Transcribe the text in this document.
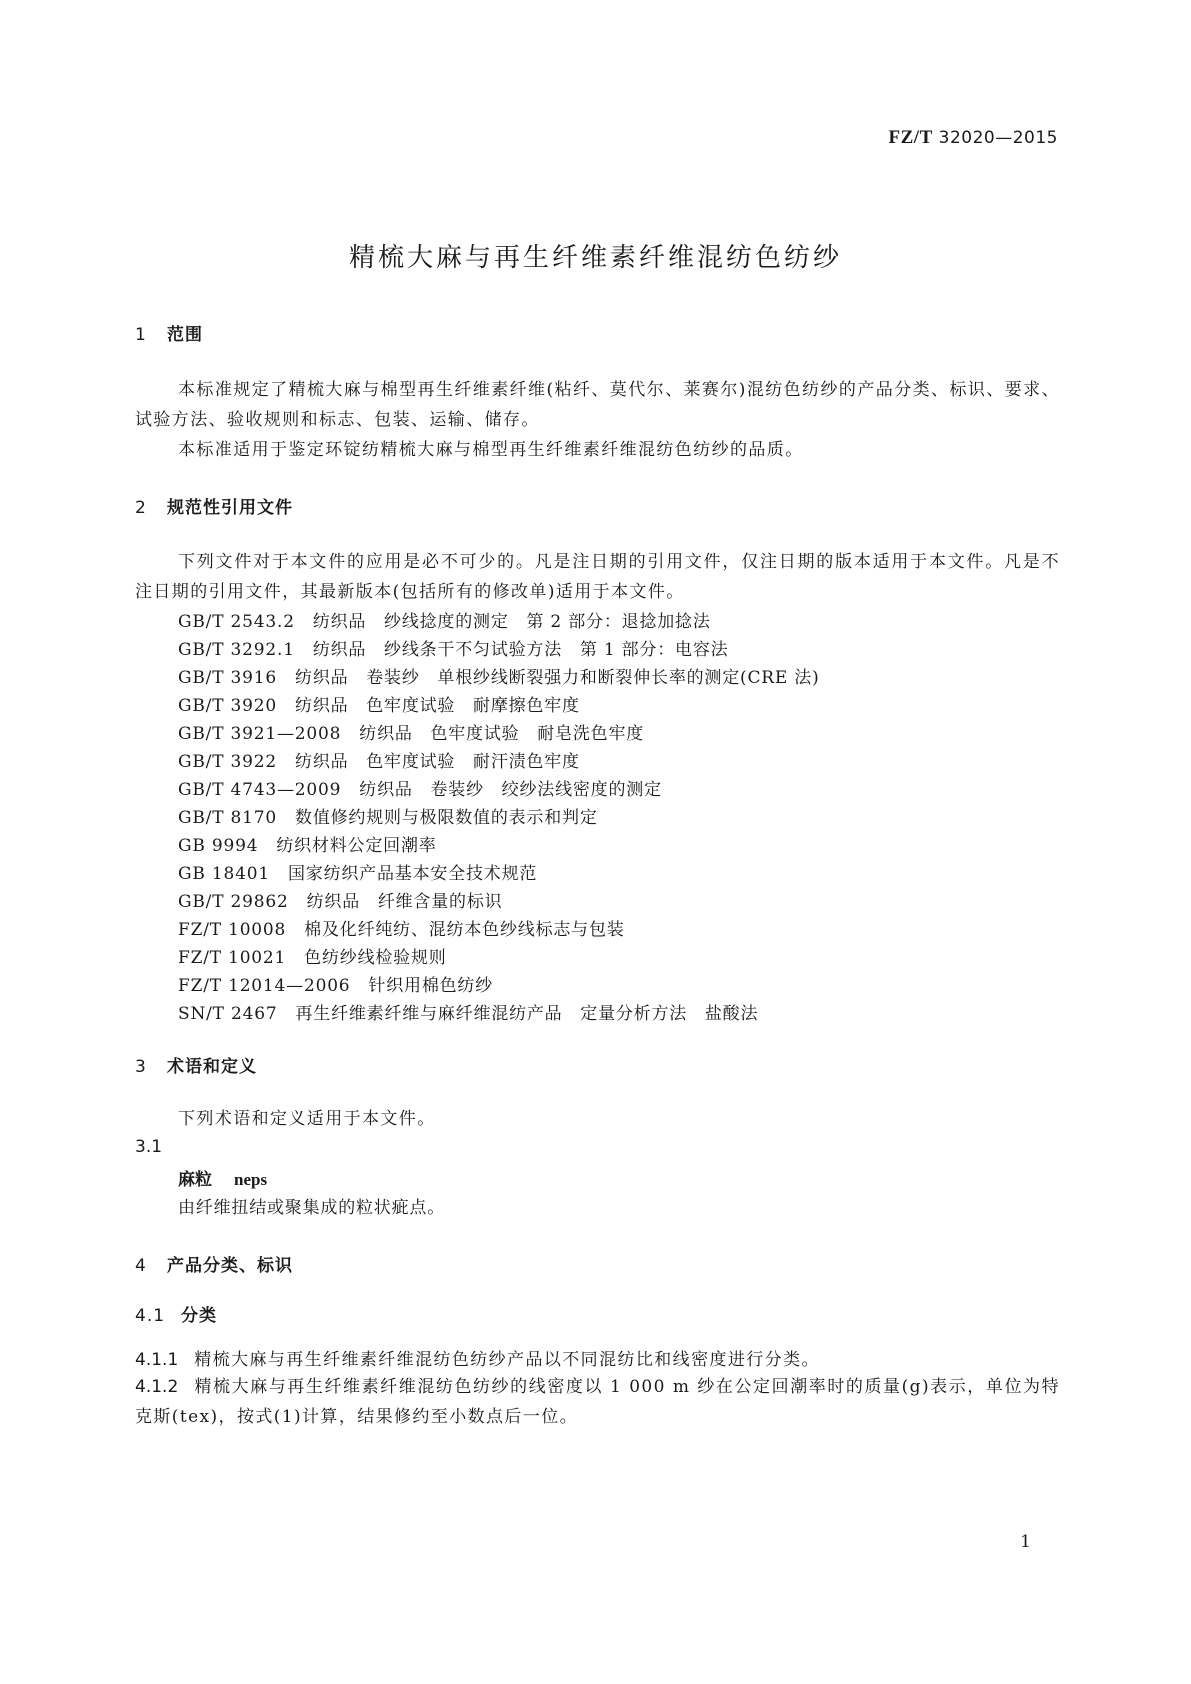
FZ/T 32020—2015
精梳大麻与再生纤维素纤维混纺色纺纱
1 范围

本标准规定了精梳大麻与棉型再生纤维素纤维(粘纤、莫代尔、莱赛尔)混纺色纺纱的产品分类、标识、要求、试验方法、验收规则和标志、包装、运输、储存。

本标准适用于鉴定环锭纺精梳大麻与棉型再生纤维素纤维混纺色纺纱的品质。

2 规范性引用文件

下列文件对于本文件的应用是必不可少的。凡是注日期的引用文件，仅注日期的版本适用于本文件。凡是不注日期的引用文件，其最新版本(包括所有的修改单)适用于本文件。

GB/T 2543.2 纺织品　纱线捻度的测定　第 2 部分：退捻加捻法
GB/T 3292.1 纺织品　纱线条干不匀试验方法　第 1 部分：电容法
GB/T 3916 纺织品　卷装纱　单根纱线断裂强力和断裂伸长率的测定(CRE 法)
GB/T 3920 纺织品　色牢度试验　耐摩擦色牢度
GB/T 3921—2008 纺织品　色牢度试验　耐皂洗色牢度
GB/T 3922 纺织品　色牢度试验　耐汗渍色牢度
GB/T 4743—2009 纺织品　卷装纱　绞纱法线密度的测定
GB/T 8170 数值修约规则与极限数值的表示和判定
GB 9994 纺织材料公定回潮率
GB 18401 国家纺织产品基本安全技术规范
GB/T 29862 纺织品　纤维含量的标识
FZ/T 10008 棉及化纤纯纺、混纺本色纱线标志与包装
FZ/T 10021 色纺纱线检验规则
FZ/T 12014—2006 针织用棉色纺纱
SN/T 2467 再生纤维素纤维与麻纤维混纺产品　定量分析方法　盐酸法
3 术语和定义

下列术语和定义适用于本文件。

3.1
麻粒 neps
由纤维扭结或聚集成的粒状疵点。
4 产品分类、标识
4.1 分类

4.1.1 精梳大麻与再生纤维素纤维混纺色纺纱产品以不同混纺比和线密度进行分类。

4.1.2 精梳大麻与再生纤维素纤维混纺色纺纱的线密度以 1 000 m 纱在公定回潮率时的质量(g)表示，单位为特克斯(tex)，按式(1)计算，结果修约至小数点后一位。

1
